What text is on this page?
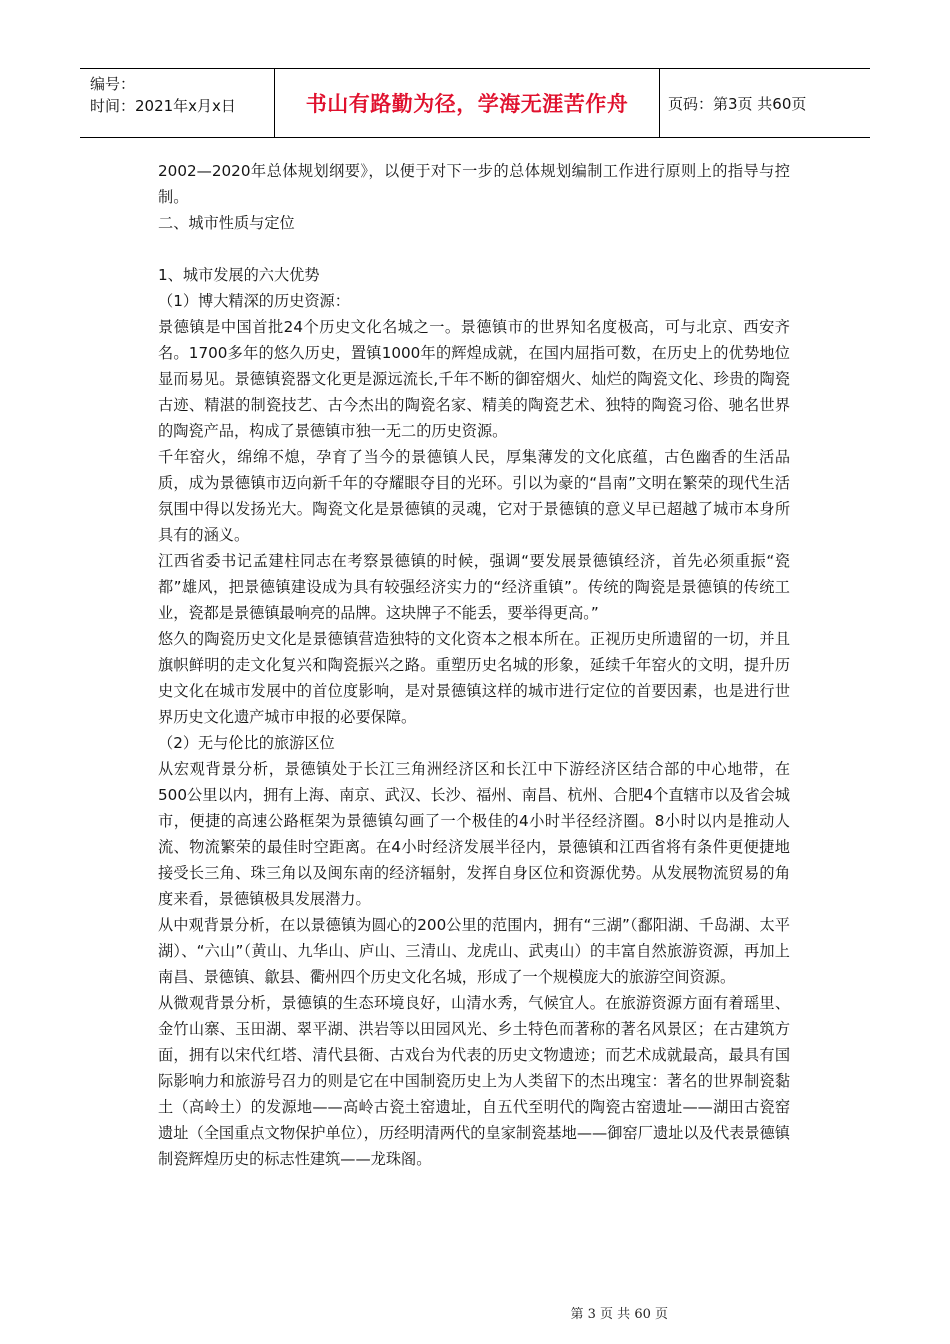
编号：
时间：2021年x月x日	书山有路勤为径，学海无涯苦作舟	页码：第3页 共60页

2002—2020年总体规划纲要》，以便于对下一步的总体规划编制工作进行原则上的指导与控制。

二、城市性质与定位

1、城市发展的六大优势

（1）博大精深的历史资源：

景德镇是中国首批24个历史文化名城之一。景德镇市的世界知名度极高，可与北京、西安齐名。1700多年的悠久历史，置镇1000年的辉煌成就，在国内屈指可数，在历史上的优势地位显而易见。景德镇瓷器文化更是源远流长,千年不断的御窑烟火、灿烂的陶瓷文化、珍贵的陶瓷古迹、精湛的制瓷技艺、古今杰出的陶瓷名家、精美的陶瓷艺术、独特的陶瓷习俗、驰名世界的陶瓷产品，构成了景德镇市独一无二的历史资源。

千年窑火，绵绵不熄，孕育了当今的景德镇人民，厚集薄发的文化底蕴，古色幽香的生活品质，成为景德镇市迈向新千年的夺耀眼夺目的光环。引以为豪的“昌南”文明在繁荣的现代生活氛围中得以发扬光大。陶瓷文化是景德镇的灵魂，它对于景德镇的意义早已超越了城市本身所具有的涵义。

江西省委书记孟建柱同志在考察景德镇的时候，强调“要发展景德镇经济，首先必须重振“瓷都”雄风，把景德镇建设成为具有较强经济实力的“经济重镇”。传统的陶瓷是景德镇的传统工业，瓷都是景德镇最响亮的品牌。这块牌子不能丢，要举得更高。”

悠久的陶瓷历史文化是景德镇营造独特的文化资本之根本所在。正视历史所遗留的一切，并且旗帜鲜明的走文化复兴和陶瓷振兴之路。重塑历史名城的形象，延续千年窑火的文明，提升历史文化在城市发展中的首位度影响，是对景德镇这样的城市进行定位的首要因素，也是进行世界历史文化遗产城市申报的必要保障。

（2）无与伦比的旅游区位

从宏观背景分析，景德镇处于长江三角洲经济区和长江中下游经济区结合部的中心地带，在500公里以内，拥有上海、南京、武汉、长沙、福州、南昌、杭州、合肥4个直辖市以及省会城市，便捷的高速公路框架为景德镇勾画了一个极佳的4小时半径经济圈。8小时以内是推动人流、物流繁荣的最佳时空距离。在4小时经济发展半径内，景德镇和江西省将有条件更便捷地接受长三角、珠三角以及闽东南的经济辐射，发挥自身区位和资源优势。从发展物流贸易的角度来看，景德镇极具发展潜力。

从中观背景分析，在以景德镇为圆心的200公里的范围内，拥有“三湖”（鄱阳湖、千岛湖、太平湖）、“六山”（黄山、九华山、庐山、三清山、龙虎山、武夷山）的丰富自然旅游资源，再加上南昌、景德镇、歙县、衢州四个历史文化名城，形成了一个规模庞大的旅游空间资源。

从微观背景分析，景德镇的生态环境良好，山清水秀，气候宜人。在旅游资源方面有着瑶里、金竹山寨、玉田湖、翠平湖、洪岩等以田园风光、乡土特色而著称的著名风景区；在古建筑方面，拥有以宋代红塔、清代县衙、古戏台为代表的历史文物遗迹；而艺术成就最高，最具有国际影响力和旅游号召力的则是它在中国制瓷历史上为人类留下的杰出瑰宝：著名的世界制瓷黏土（高岭土）的发源地——高岭古瓷土窑遗址，自五代至明代的陶瓷古窑遗址——湖田古瓷窑遗址（全国重点文物保护单位），历经明清两代的皇家制瓷基地——御窑厂遗址以及代表景德镇制瓷辉煌历史的标志性建筑——龙珠阁。

第 3 页 共 60 页
